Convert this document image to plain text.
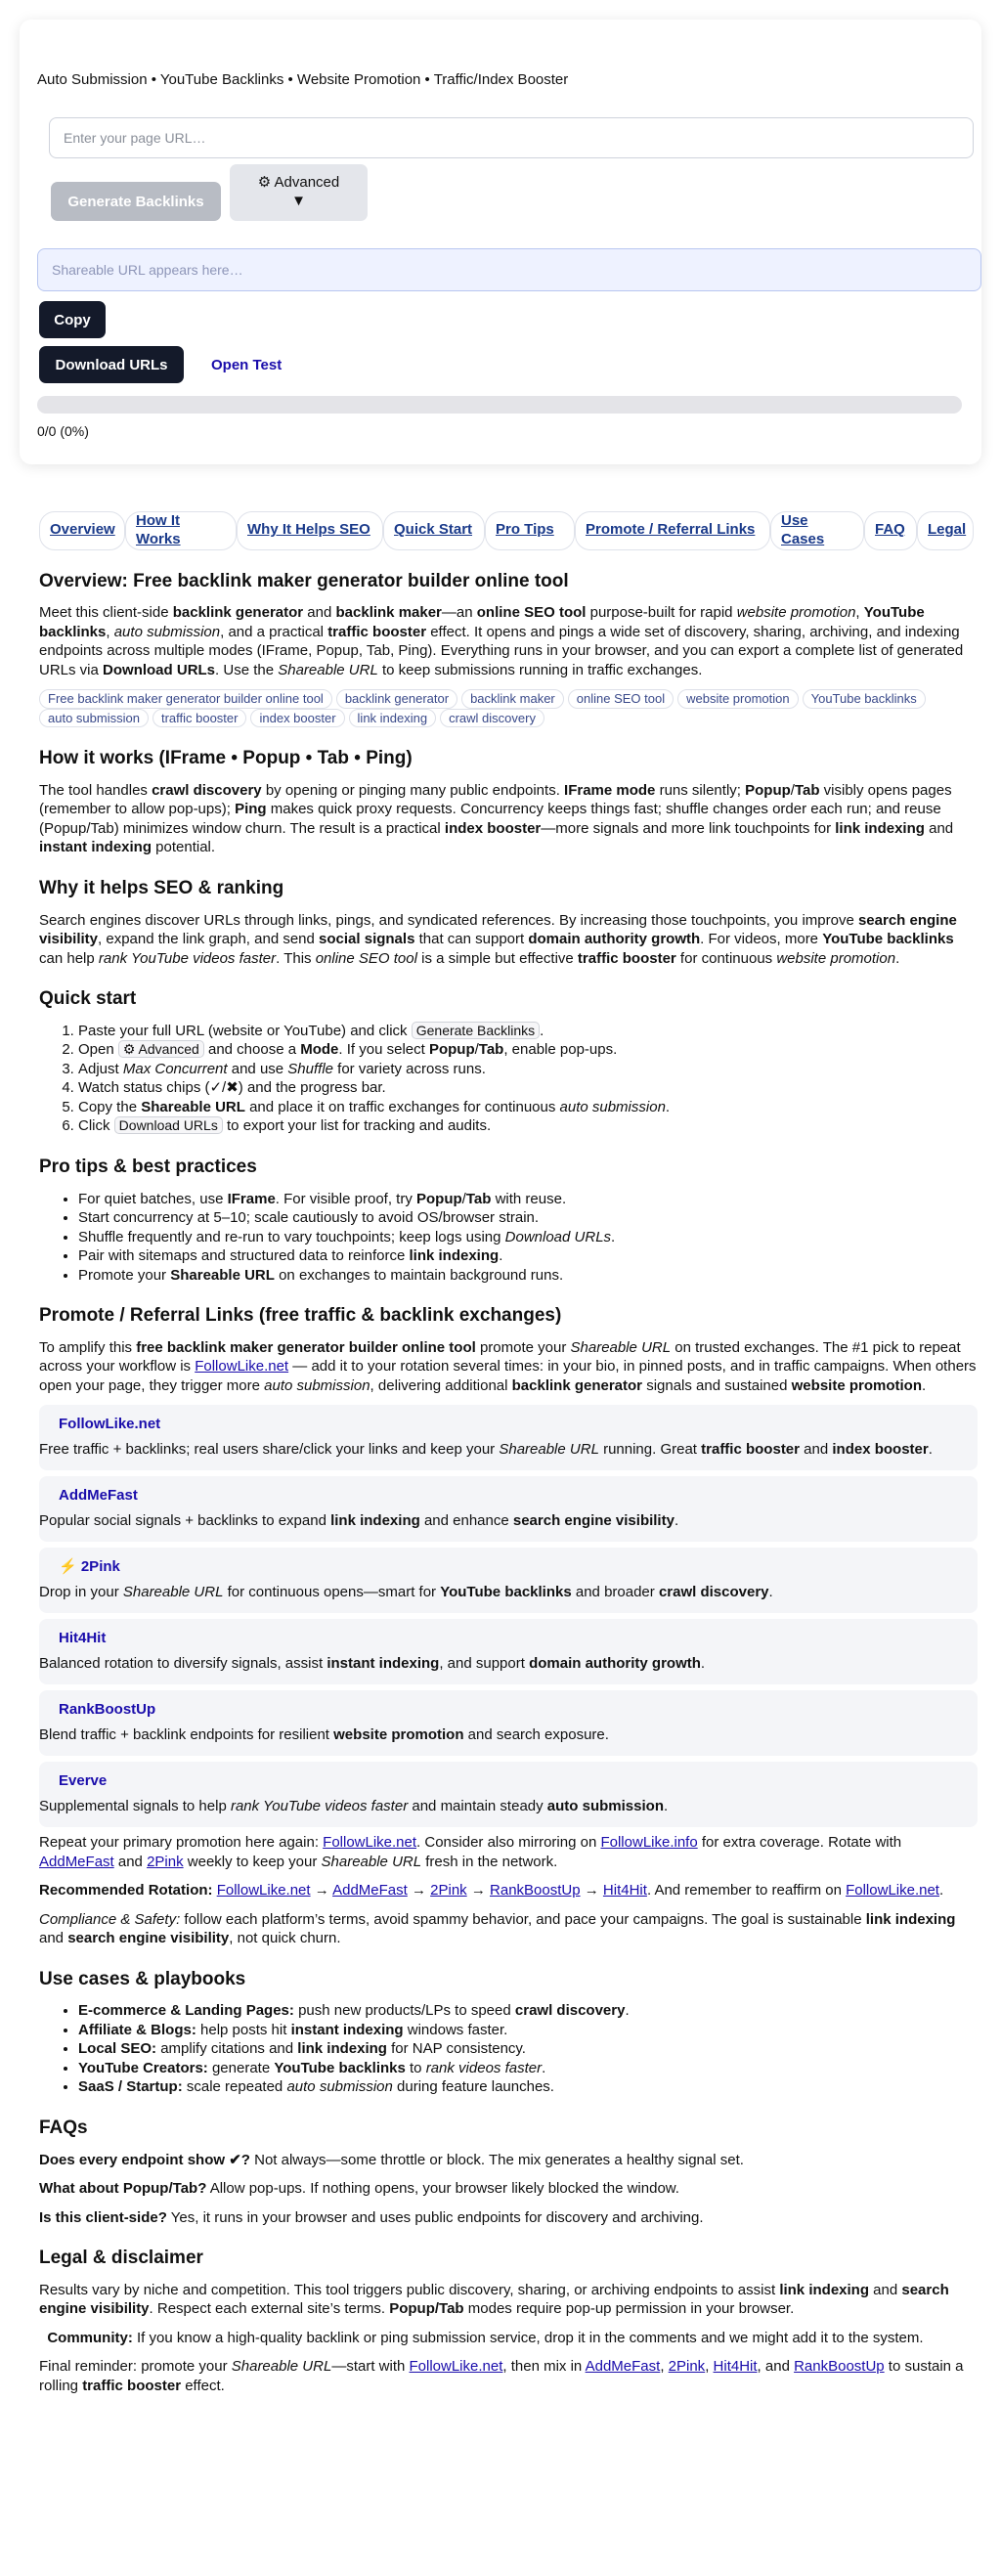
Auto Submission • YouTube Backlinks • Website Promotion • Traffic/Index Booster
Enter your page URL…
Generate Backlinks
⚙ Advanced
▼
Shareable URL appears here…
Copy
Download URLs	Open Test
0/0 (0%)
Overview
How It Works
Why It Helps SEO	Quick Start	Pro Tips	Promote / Referral Links
Use Cases
FAQ	Legal
Overview: Free backlink maker generator builder online tool

Meet this client-side backlink generator and backlink maker—an online SEO tool purpose-built for rapid website promotion, YouTube backlinks, auto submission, and a practical traffic booster effect. It opens and pings a wide set of discovery, sharing, archiving, and indexing endpoints across multiple modes (IFrame, Popup, Tab, Ping). Everything runs in your browser, and you can export a complete list of generated URLs via Download URLs. Use the Shareable URL to keep submissions running in traffic exchanges.

Free backlink maker generator builder online tool backlink generator backlink maker online SEO tool website promotion YouTube backlinksauto submission traffic booster index booster link indexing crawl discovery
How it works (IFrame • Popup • Tab • Ping)

The tool handles crawl discovery by opening or pinging many public endpoints. IFrame mode runs silently; Popup/Tab visibly opens pages (remember to allow pop-ups); Ping makes quick proxy requests. Concurrency keeps things fast; shuffle changes order each run; and reuse (Popup/Tab) minimizes window churn. The result is a practical index booster—more signals and more link touchpoints for link indexing and instant indexing potential.

Why it helps SEO & ranking

Search engines discover URLs through links, pings, and syndicated references. By increasing those touchpoints, you improve search engine visibility, expand the link graph, and send social signals that can support domain authority growth. For videos, more YouTube backlinks can help rank YouTube videos faster. This online SEO tool is a simple but effective traffic booster for continuous website promotion.

Quick start
1. Paste your full URL (website or YouTube) and click Generate Backlinks .
2. Open ⚙ Advanced and choose a Mode. If you select Popup/Tab, enable pop-ups.
3. Adjust Max Concurrent and use Shuffle for variety across runs.
4. Watch status chips (✓/✖) and the progress bar.
5. Copy the Shareable URL and place it on traffic exchanges for continuous auto submission.
6. Click Download URLs to export your list for tracking and audits.
Pro tips & best practices
• For quiet batches, use IFrame. For visible proof, try Popup/Tab with reuse.
• Start concurrency at 5–10; scale cautiously to avoid OS/browser strain.
• Shuffle frequently and re-run to vary touchpoints; keep logs using Download URLs.
• Pair with sitemaps and structured data to reinforce link indexing.
• Promote your Shareable URL on exchanges to maintain background runs.
Promote / Referral Links (free traffic & backlink exchanges)

To amplify this free backlink maker generator builder online tool promote your Shareable URL on trusted exchanges. The #1 pick to repeat across your workflow is FollowLike.net — add it to your rotation several times: in your bio, in pinned posts, and in traffic campaigns. When others open your page, they trigger more auto submission, delivering additional backlink generator signals and sustained website promotion.

FollowLike.net

Free traffic + backlinks; real users share/click your links and keep your Shareable URL running. Great traffic booster and index booster.

AddMeFast

Popular social signals + backlinks to expand link indexing and enhance search engine visibility.

⚡ 2Pink

Drop in your Shareable URL for continuous opens—smart for YouTube backlinks and broader crawl discovery.

Hit4Hit

Balanced rotation to diversify signals, assist instant indexing, and support domain authority growth.

RankBoostUp

Blend traffic + backlink endpoints for resilient website promotion and search exposure.

Everve

Supplemental signals to help rank YouTube videos faster and maintain steady auto submission.

Repeat your primary promotion here again: FollowLike.net. Consider also mirroring on FollowLike.info for extra coverage. Rotate with AddMeFast and 2Pink weekly to keep your Shareable URL fresh in the network.

Recommended Rotation: FollowLike.net → AddMeFast → 2Pink → RankBoostUp → Hit4Hit. And remember to reaffirm on FollowLike.net.

Compliance & Safety: follow each platform’s terms, avoid spammy behavior, and pace your campaigns. The goal is sustainable link indexing and search engine visibility, not quick churn.

Use cases & playbooks
• E-commerce & Landing Pages: push new products/LPs to speed crawl discovery.
• Affiliate & Blogs: help posts hit instant indexing windows faster.
• Local SEO: amplify citations and link indexing for NAP consistency.
• YouTube Creators: generate YouTube backlinks to rank videos faster.
• SaaS / Startup: scale repeated auto submission during feature launches.
FAQs

Does every endpoint show ✔? Not always—some throttle or block. The mix generates a healthy signal set.

What about Popup/Tab? Allow pop-ups. If nothing opens, your browser likely blocked the window.

Is this client-side? Yes, it runs in your browser and uses public endpoints for discovery and archiving.

Legal & disclaimer

Results vary by niche and competition. This tool triggers public discovery, sharing, or archiving endpoints to assist link indexing and search engine visibility. Respect each external site’s terms. Popup/Tab modes require pop-up permission in your browser.

Community: If you know a high-quality backlink or ping submission service, drop it in the comments and we might add it to the system.

Final reminder: promote your Shareable URL—start with FollowLike.net, then mix in AddMeFast, 2Pink, Hit4Hit, and RankBoostUp to sustain a rolling traffic booster effect.
